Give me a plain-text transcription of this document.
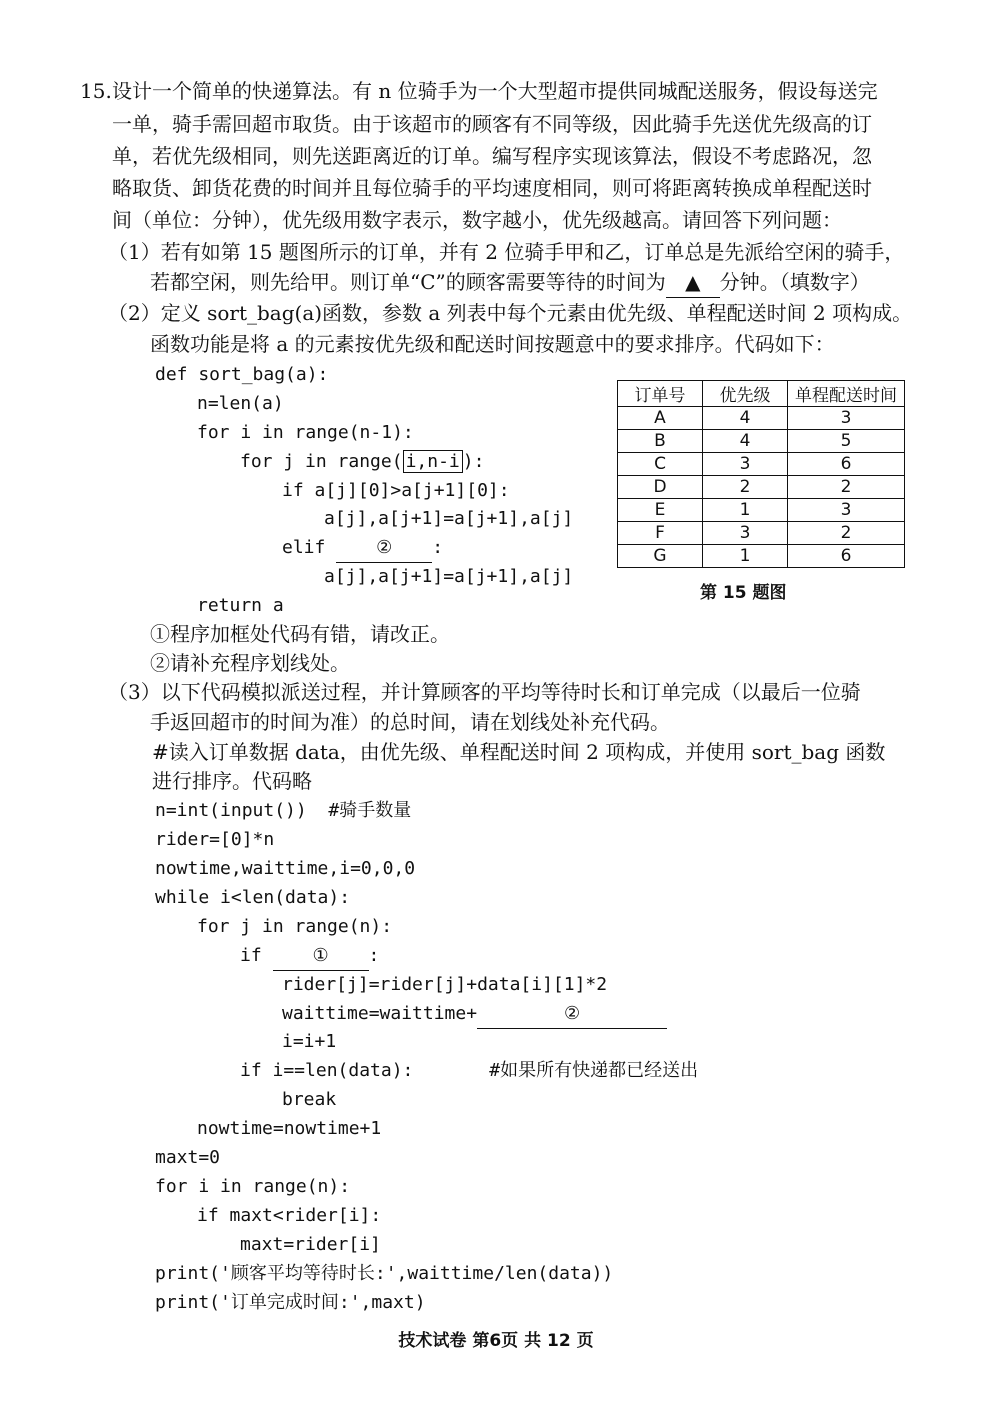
15. 设计一个简单的快递算法。有 n 位骑手为一个大型超市提供同城配送服务，假设每送完
一单，骑手需回超市取货。由于该超市的顾客有不同等级，因此骑手先送优先级高的订
单，若优先级相同，则先送距离近的订单。编写程序实现该算法，假设不考虑路况，忽
略取货、卸货花费的时间并且每位骑手的平均速度相同，则可将距离转换成单程配送时
间（单位：分钟），优先级用数字表示，数字越小，优先级越高。请回答下列问题：
（1）若有如第 15 题图所示的订单，并有 2 位骑手甲和乙，订单总是先派给空闲的骑手，
若都空闲，则先给甲。则订单“C”的顾客需要等待的时间为 ▲ 分钟。（填数字）
（2）定义 sort_bag(a)函数，参数 a 列表中每个元素由优先级、单程配送时间 2 项构成。
函数功能是将 a 的元素按优先级和配送时间按题意中的要求排序。代码如下：
def sort_bag(a):
n=len(a)
for i in range(n-1):
for j in range( i,n-i ):
if a[j][0]>a[j+1][0]:
a[j],a[j+1]=a[j+1],a[j]
elif ② :
a[j],a[j+1]=a[j+1],a[j]
return a
①程序加框处代码有错，请改正。
②请补充程序划线处。
订单号	优先级	单程配送时间
A	4	3
B	4	5
C	3	6
D	2	2
E	1	3
F	3	2
G	1	6
第 15 题图
（3）以下代码模拟派送过程，并计算顾客的平均等待时长和订单完成（以最后一位骑
手返回超市的时间为准）的总时间，请在划线处补充代码。
#读入订单数据 data，由优先级、单程配送时间 2 项构成，并使用 sort_bag 函数
进行排序。代码略
n=int(input())  #骑手数量
rider=[0]*n
nowtime,waittime,i=0,0,0
while i<len(data):
for j in range(n):
if ① :
rider[j]=rider[j]+data[i][1]*2
waittime=waittime+	②
i=i+1
if i==len(data):       #如果所有快递都已经送出
break
nowtime=nowtime+1
maxt=0
for i in range(n):
if maxt<rider[i]:
maxt=rider[i]
print('顾客平均等待时长:',waittime/len(data))
print('订单完成时间:',maxt)
技术试卷 第6页 共 12 页
